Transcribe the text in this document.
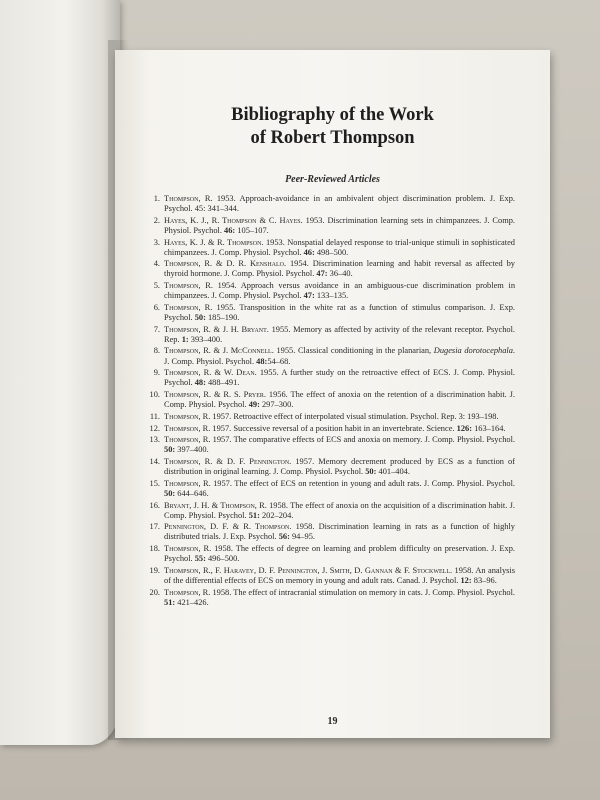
Bibliography of the Work
of Robert Thompson
Peer-Reviewed Articles
1. Thompson, R. 1953. Approach-avoidance in an ambivalent object discrimination problem. J. Exp. Psychol. 45: 341–344.
2. Hayes, K. J., R. Thompson & C. Hayes. 1953. Discrimination learning sets in chimpanzees. J. Comp. Physiol. Psychol. 46: 105–107.
3. Hayes, K. J. & R. Thompson. 1953. Nonspatial delayed response to trial-unique stimuli in sophisticated chimpanzees. J. Comp. Physiol. Psychol. 46: 498–500.
4. Thompson, R. & D. R. Kenshalo. 1954. Discrimination learning and habit reversal as affected by thyroid hormone. J. Comp. Physiol. Psychol. 47: 36–40.
5. Thompson, R. 1954. Approach versus avoidance in an ambiguous-cue discrimination problem in chimpanzees. J. Comp. Physiol. Psychol. 47: 133–135.
6. Thompson, R. 1955. Transposition in the white rat as a function of stimulus comparison. J. Exp. Psychol. 50: 185–190.
7. Thompson, R. & J. H. Bryant. 1955. Memory as affected by activity of the relevant receptor. Psychol. Rep. 1: 393–400.
8. Thompson, R. & J. McConnell. 1955. Classical conditioning in the planarian, Dugesia dorotocephala. J. Comp. Physiol. Psychol. 48:54–68.
9. Thompson, R. & W. Dean. 1955. A further study on the retroactive effect of ECS. J. Comp. Physiol. Psychol. 48: 488–491.
10. Thompson, R. & R. S. Pryer. 1956. The effect of anoxia on the retention of a discrimination habit. J. Comp. Physiol. Psychol. 49: 297–300.
11. Thompson, R. 1957. Retroactive effect of interpolated visual stimulation. Psychol. Rep. 3: 193–198.
12. Thompson, R. 1957. Successive reversal of a position habit in an invertebrate. Science. 126: 163–164.
13. Thompson, R. 1957. The comparative effects of ECS and anoxia on memory. J. Comp. Physiol. Psychol. 50: 397–400.
14. Thompson, R. & D. F. Pennington. 1957. Memory decrement produced by ECS as a function of distribution in original learning. J. Comp. Physiol. Psychol. 50: 401–404.
15. Thompson, R. 1957. The effect of ECS on retention in young and adult rats. J. Comp. Physiol. Psychol. 50: 644–646.
16. Bryant, J. H. & Thompson, R. 1958. The effect of anoxia on the acquisition of a discrimination habit. J. Comp. Physiol. Psychol. 51: 202–204.
17. Pennington, D. F. & R. Thompson. 1958. Discrimination learning in rats as a function of highly distributed trials. J. Exp. Psychol. 56: 94–95.
18. Thompson, R. 1958. The effects of degree on learning and problem difficulty on preservation. J. Exp. Psychol. 55: 496–500.
19. Thompson, R., F. Haravey, D. F. Pennington, J. Smith, D. Gannan & F. Stockwell. 1958. An analysis of the differential effects of ECS on memory in young and adult rats. Canad. J. Psychol. 12: 83–96.
20. Thompson, R. 1958. The effect of intracranial stimulation on memory in cats. J. Comp. Physiol. Psychol. 51: 421–426.
19
